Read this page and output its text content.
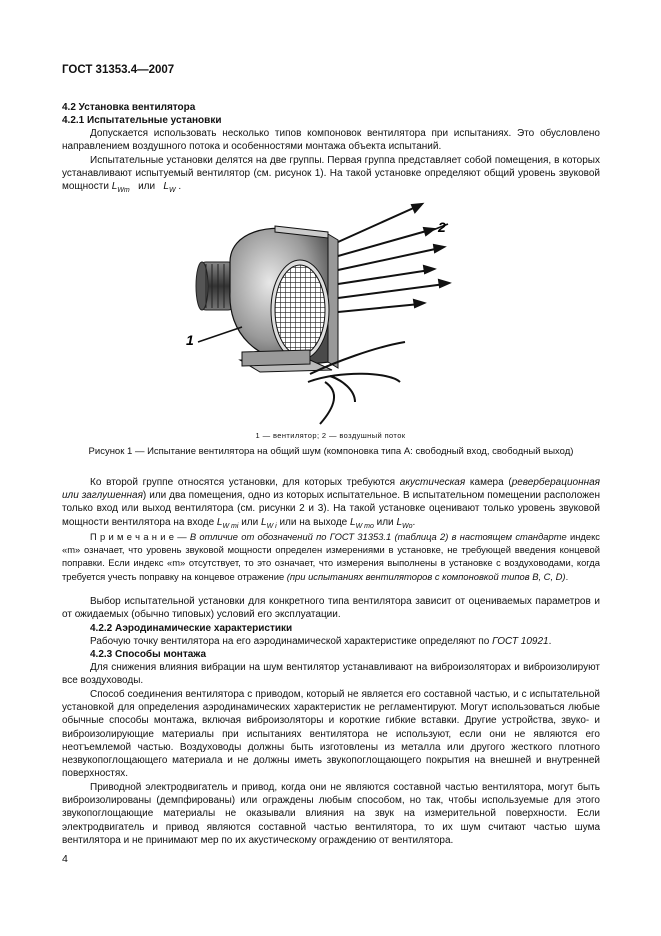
ГОСТ 31353.4—2007
4.2 Установка вентилятора
4.2.1 Испытательные установки
Допускается использовать несколько типов компоновок вентилятора при испытаниях. Это обусловлено направлением воздушного потока и особенностями монтажа объекта испытаний.
Испытательные установки делятся на две группы. Первая группа представляет собой помещения, в которых устанавливают испытуемый вентилятор (см. рисунок 1). На такой установке определяют общий уровень звуковой мощности $L_{Wm}$ или $L_W$ .
1
2
1 — вентилятор; 2 — воздушный поток
Рисунок 1 — Испытание вентилятора на общий шум (компоновка типа А: свободный вход, свободный выход)
Ко второй группе относятся установки, для которых требуются акустическая камера (реверберационная или заглушенная) или два помещения, одно из которых испытательное. В испытательном помещении расположен только вход или выход вентилятора (см. рисунки 2 и 3). На такой установке оценивают только уровень звуковой мощности вентилятора на входе $L_{W mi}$ или $L_{W i}$ или на выходе $L_{W mo}$ или $L_{Wo}$.
П р и м е ч а н и е — В отличие от обозначений по ГОСТ 31353.1 (таблица 2) в настоящем стандарте индекс «m» означает, что уровень звуковой мощности определен измерениями в установке, не требующей введения концевой поправки. Если индекс «m» отсутствует, то это означает, что измерения выполнены в установке с воздуховодами, когда требуется учесть поправку на концевое отражение (при испытаниях вентиляторов с компоновкой типов B, C, D).
Выбор испытательной установки для конкретного типа вентилятора зависит от оцениваемых параметров и от ожидаемых (обычно типовых) условий его эксплуатации.
4.2.2 Аэродинамические характеристики
Рабочую точку вентилятора на его аэродинамической характеристике определяют по ГОСТ 10921.
4.2.3 Способы монтажа
Для снижения влияния вибрации на шум вентилятор устанавливают на виброизоляторах и виброизолируют все воздуховоды.
Способ соединения вентилятора с приводом, который не является его составной частью, и с испытательной установкой для определения аэродинамических характеристик не регламентируют. Могут использоваться любые обычные способы монтажа, включая виброизоляторы и короткие гибкие вставки. Другие устройства, звуко- и виброизолирующие материалы при испытаниях вентилятора не используют, если они не являются его неотъемлемой частью. Воздуховоды должны быть изготовлены из металла или другого жесткого плотного незвукопоглощающего материала и не должны иметь звукопоглощающего покрытия на внешней и внутренней поверхностях.
Приводной электродвигатель и привод, когда они не являются составной частью вентилятора, могут быть виброизолированы (демпфированы) или ограждены любым способом, но так, чтобы используемые для этого звукопоглощающие материалы не оказывали влияния на звук на измерительной поверхности. Если электродвигатель и привод являются составной частью вентилятора, то их шум считают частью шума вентилятора и не принимают мер по их акустическому ограждению от вентилятора.
4
